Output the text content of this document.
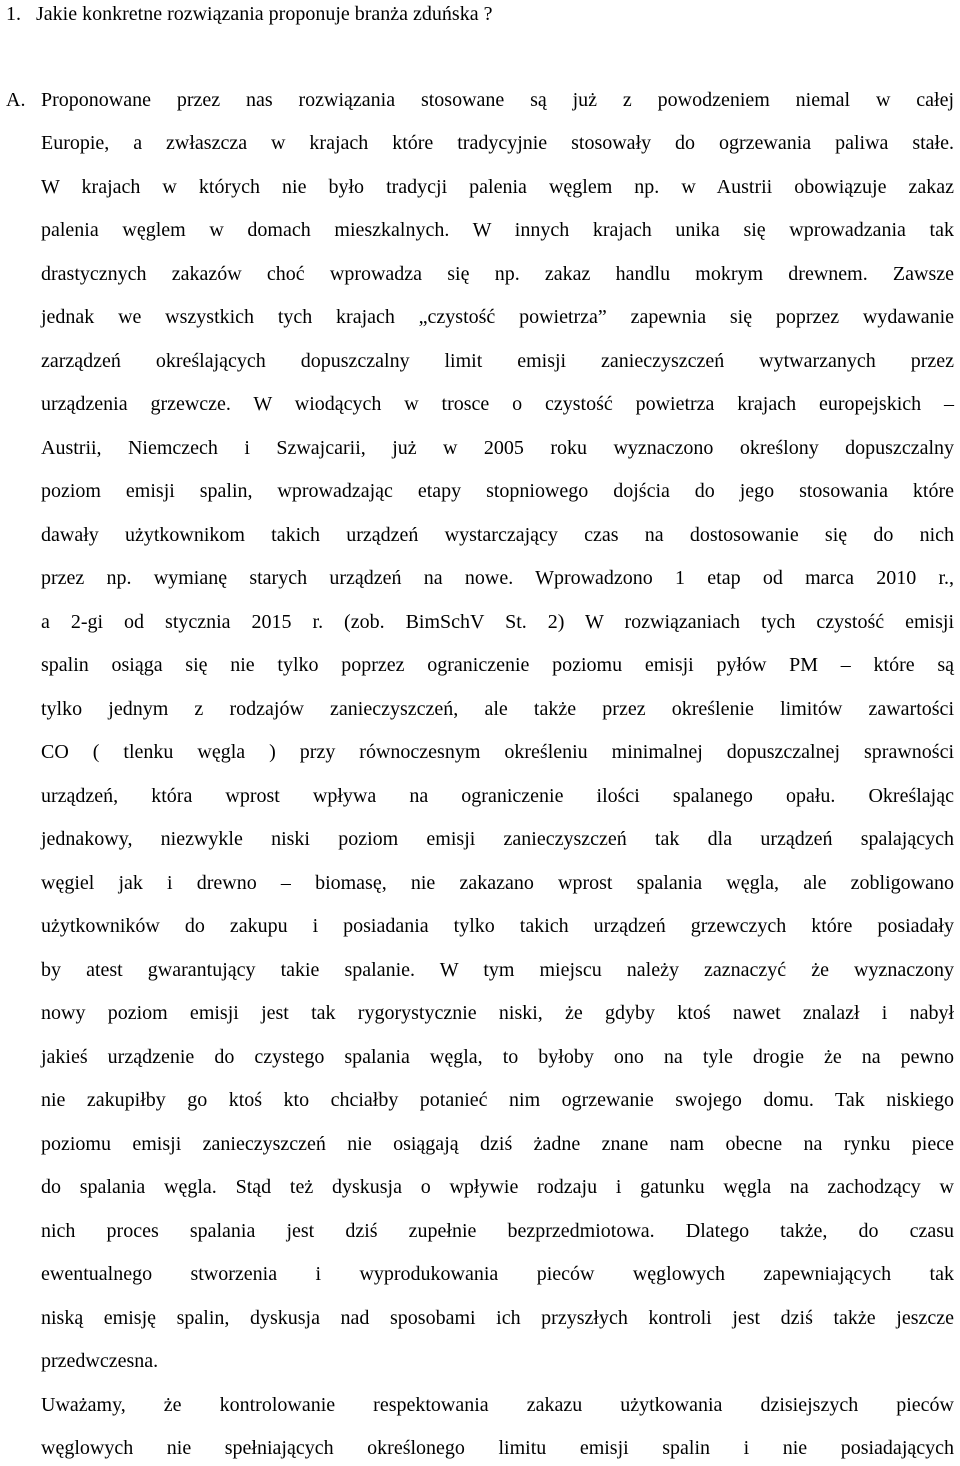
1. Jakie konkretne rozwiązania proponuje branża zduńska ?

A. Proponowane przez nas rozwiązania stosowane są już z powodzeniem niemal w całej

Europie, a zwłaszcza w krajach które tradycyjnie stosowały do ogrzewania paliwa stałe.

W krajach w których nie było tradycji palenia węglem np. w Austrii obowiązuje zakaz

palenia węglem w domach mieszkalnych. W innych krajach unika się wprowadzania tak

drastycznych zakazów choć wprowadza się np. zakaz handlu mokrym drewnem. Zawsze

jednak we wszystkich tych krajach „czystość powietrza” zapewnia się poprzez wydawanie

zarządzeń określających dopuszczalny limit emisji zanieczyszczeń wytwarzanych przez

urządzenia grzewcze. W wiodących w trosce o czystość powietrza krajach europejskich –

Austrii, Niemczech i Szwajcarii, już w 2005 roku wyznaczono określony dopuszczalny

poziom emisji spalin, wprowadzając etapy stopniowego dojścia do jego stosowania które

dawały użytkownikom takich urządzeń wystarczający czas na dostosowanie się do nich

przez np. wymianę starych urządzeń na nowe. Wprowadzono 1 etap od marca 2010 r.,

a 2-gi od stycznia 2015 r. (zob. BimSchV St. 2) W rozwiązaniach tych czystość emisji

spalin osiąga się nie tylko poprzez ograniczenie poziomu emisji pyłów PM – które są

tylko jednym z rodzajów zanieczyszczeń, ale także przez określenie limitów zawartości

CO ( tlenku węgla ) przy równoczesnym określeniu minimalnej dopuszczalnej sprawności

urządzeń, która wprost wpływa na ograniczenie ilości spalanego opału. Określając

jednakowy, niezwykle niski poziom emisji zanieczyszczeń tak dla urządzeń spalających

węgiel jak i drewno – biomasę, nie zakazano wprost spalania węgla, ale zobligowano

użytkowników do zakupu i posiadania tylko takich urządzeń grzewczych które posiadały

by atest gwarantujący takie spalanie. W tym miejscu należy zaznaczyć że wyznaczony

nowy poziom emisji jest tak rygorystycznie niski, że gdyby ktoś nawet znalazł i nabył

jakieś urządzenie do czystego spalania węgla, to byłoby ono na tyle drogie że na pewno

nie zakupiłby go ktoś kto chciałby potanieć nim ogrzewanie swojego domu. Tak niskiego

poziomu emisji zanieczyszczeń nie osiągają dziś żadne znane nam obecne na rynku piece

do spalania węgla. Stąd też dyskusja o wpływie rodzaju i gatunku węgla na zachodzący w

nich proces spalania jest dziś zupełnie bezprzedmiotowa. Dlatego także, do czasu

ewentualnego stworzenia i wyprodukowania pieców węglowych zapewniających tak

niską emisję spalin, dyskusja nad sposobami ich przyszłych kontroli jest dziś także jeszcze

przedwczesna.

Uważamy, że kontrolowanie respektowania zakazu użytkowania dzisiejszych pieców

węglowych nie spełniających określonego limitu emisji spalin i nie posiadających
